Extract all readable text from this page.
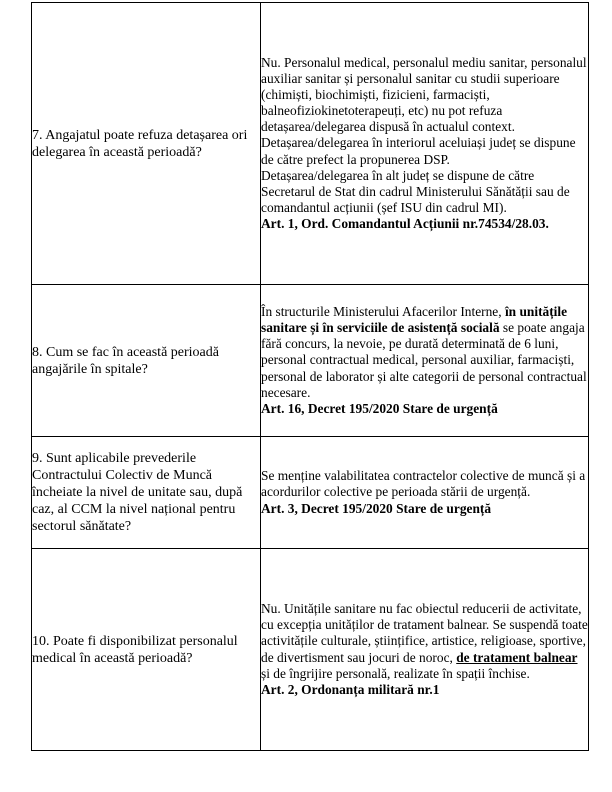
7. Angajatul poate refuza detașarea ori delegarea în această perioadă?	Nu. Personalul medical, personalul mediu sanitar, personalul auxiliar sanitar și personalul sanitar cu studii superioare (chimiști, biochimiști, fizicieni, farmaciști, balneofiziokinetoterapeuți, etc) nu pot refuza detașarea/delegarea dispusă în actualul context.

Detașarea/delegarea în interiorul aceluiași județ se dispune de către prefect la propunerea DSP.

Detașarea/delegarea în alt județ se dispune de către Secretarul de Stat din cadrul Ministerului Sănătății sau de comandantul acțiunii (șef ISU din cadrul MI).

Art. 1, Ord. Comandantul Acțiunii nr.74534/28.03.

8. Cum se fac în această perioadă angajările în spitale?	În structurile Ministerului Afacerilor Interne, în unitățile sanitare și în serviciile de asistență socială se poate angaja fără concurs, la nevoie, pe durată determinată de 6 luni, personal contractual medical, personal auxiliar, farmaciști, personal de laborator și alte categorii de personal contractual necesare.

Art. 16, Decret 195/2020 Stare de urgență

9. Sunt aplicabile prevederile Contractului Colectiv de Muncă încheiate la nivel de unitate sau, după caz, al CCM la nivel național pentru sectorul sănătate?	Se menține valabilitatea contractelor colective de muncă și a acordurilor colective pe perioada stării de urgență.

Art. 3, Decret 195/2020 Stare de urgență

10. Poate fi disponibilizat personalul medical în această perioadă?	Nu. Unitățile sanitare nu fac obiectul reducerii de activitate, cu excepția unităților de tratament balnear. Se suspendă toate activitățile culturale, științifice, artistice, religioase, sportive, de divertisment sau jocuri de noroc, de tratament balnear și de îngrijire personală, realizate în spații închise.

Art. 2, Ordonanța militară nr.1
